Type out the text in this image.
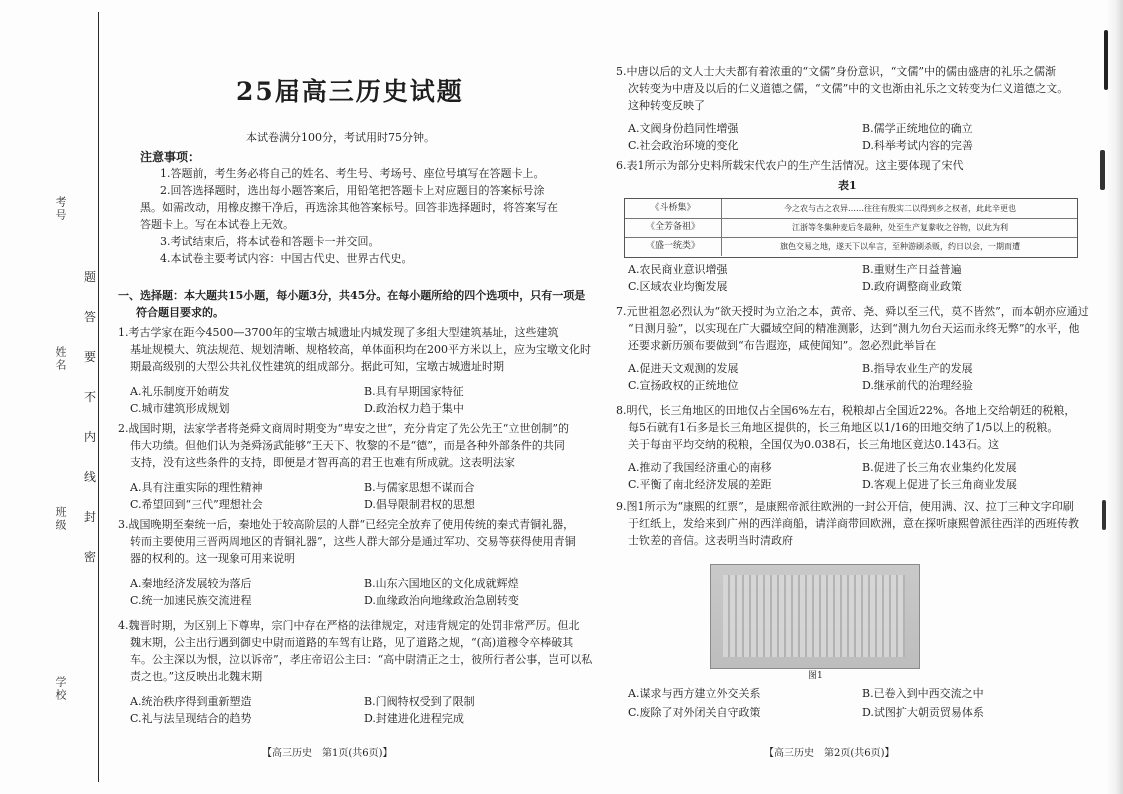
考号
姓名
班级
学校
题
答
要
不
内
线
封
密
25届高三历史试题
本试卷满分100分，考试用时75分钟。
注意事项：
1.答题前，考生务必将自己的姓名、考生号、考场号、座位号填写在答题卡上。
2.回答选择题时，选出每小题答案后，用铅笔把答题卡上对应题目的答案标号涂
黑。如需改动，用橡皮擦干净后，再选涂其他答案标号。回答非选择题时，将答案写在
答题卡上。写在本试卷上无效。
3.考试结束后，将本试卷和答题卡一并交回。
4.本试卷主要考试内容：中国古代史、世界古代史。
一、选择题：本大题共15小题，每小题3分，共45分。在每小题所给的四个选项中，只有一项是
符合题目要求的。
1.考古学家在距今4500—3700年的宝墩古城遗址内城发现了多组大型建筑基址，这些建筑
基址规模大、筑法规范、规划清晰、规格较高，单体面积均在200平方米以上，应为宝墩文化时
期最高级别的大型公共礼仪性建筑的组成部分。据此可知，宝墩古城遗址时期
A.礼乐制度开始萌发	B.具有早期国家特征
C.城市建筑形成规划	D.政治权力趋于集中
2.战国时期，法家学者将尧舜文商周时期变为“卑安之世”，充分肯定了先公先王“立世创制”的
伟大功绩。但他们认为尧舜汤武能够“王天下、牧黎的不是“德”，而是各种外部条件的共同
支持，没有这些条件的支持，即便是才智再高的君王也难有所成就。这表明法家
A.具有注重实际的理性精神	B.与儒家思想不谋而合
C.希望回到“三代”理想社会	D.倡导限制君权的思想
3.战国晚期至秦统一后，秦地处于较高阶层的人群“已经完全放弃了使用传统的秦式青铜礼器，
转而主要使用三晋两周地区的青铜礼器”，这些人群大部分是通过军功、交易等获得使用青铜
器的权利的。这一现象可用来说明
A.秦地经济发展较为落后	B.山东六国地区的文化成就辉煌
C.统一加速民族交流进程	D.血缘政治向地缘政治急剧转变
4.魏晋时期，为区别上下尊卑，宗门中存在严格的法律规定，对违背规定的处罚非常严厉。但北
魏末期，公主出行遇到御史中尉而道路的车驾有让路，见了道路之规，“(高)道穆令卒棒破其
车。公主深以为恨，泣以诉帝”，孝庄帝诏公主曰：“高中尉清正之士，彼所行者公事，岂可以私
责之也。”这反映出北魏末期
A.统治秩序得到重新塑造	B.门阀特权受到了限制
C.礼与法呈现结合的趋势	D.封建进化进程完成
【高三历史　第1页(共6页)】
5.中唐以后的文人士大夫都有着浓重的“文儒”身份意识，“文儒”中的儒由盛唐的礼乐之儒渐
次转变为中唐及以后的仁义道德之儒，“文儒”中的文也渐由礼乐之文转变为仁义道德之文。
这种转变反映了
A.文阀身份趋同性增强	B.儒学正统地位的确立
C.社会政治环境的变化	D.科举考试内容的完善
6.表1所示为部分史料所载宋代农户的生产生活情况。这主要体现了宋代
表1
《斗桥集》	今之农与古之农异……往往有殷实二以得到乡之权者，此此辛更也
《全芳备祖》	江浙等冬集种麦后冬最种，处至生产复豢收之谷物，以此为利
《盛一统类》	旗色交易之地，遂天下以牟言，至种游刷杀贩，约日以会，一期而遭
A.农民商业意识增强	B.重财生产日益普遍
C.区域农业均衡发展	D.政府调整商业政策
7.元世祖忽必烈认为“欲天授时为立治之本，黄帝、尧、舜以至三代，莫不皆然”，而本朝亦应通过
“日测月验”，以实现在广大疆域空间的精准测影，达到“测九勿台天运而永终无弊”的水平，他
还要求新历颁布要做到“布告遐迩，咸使闻知”。忽必烈此举旨在
A.促进天文观测的发展	B.指导农业生产的发展
C.宣扬政权的正统地位	D.继承前代的治理经验
8.明代，长三角地区的田地仅占全国6%左右，税粮却占全国近22%。各地上交给朝廷的税粮，
每5石就有1石多是长三角地区提供的，长三角地区以1/16的田地交纳了1/5以上的税粮。
关于每亩平均交纳的税粮，全国仅为0.038石，长三角地区竟达0.143石。这
A.推动了我国经济重心的南移	B.促进了长三角农业集约化发展
C.平衡了南北经济发展的差距	D.客观上促进了长三角商业发展
9.图1所示为“康熙的红票”，是康熙帝派往欧洲的一封公开信，使用满、汉、拉丁三种文字印刷
于红纸上，发给来到广州的西洋商船，请洋商带回欧洲，意在探听康熙曾派往西洋的西班传教
士钦差的音信。这表明当时清政府
图1
A.谋求与西方建立外交关系	B.已卷入到中西交流之中
C.废除了对外闭关自守政策	D.试图扩大朝贡贸易体系
【高三历史　第2页(共6页)】
